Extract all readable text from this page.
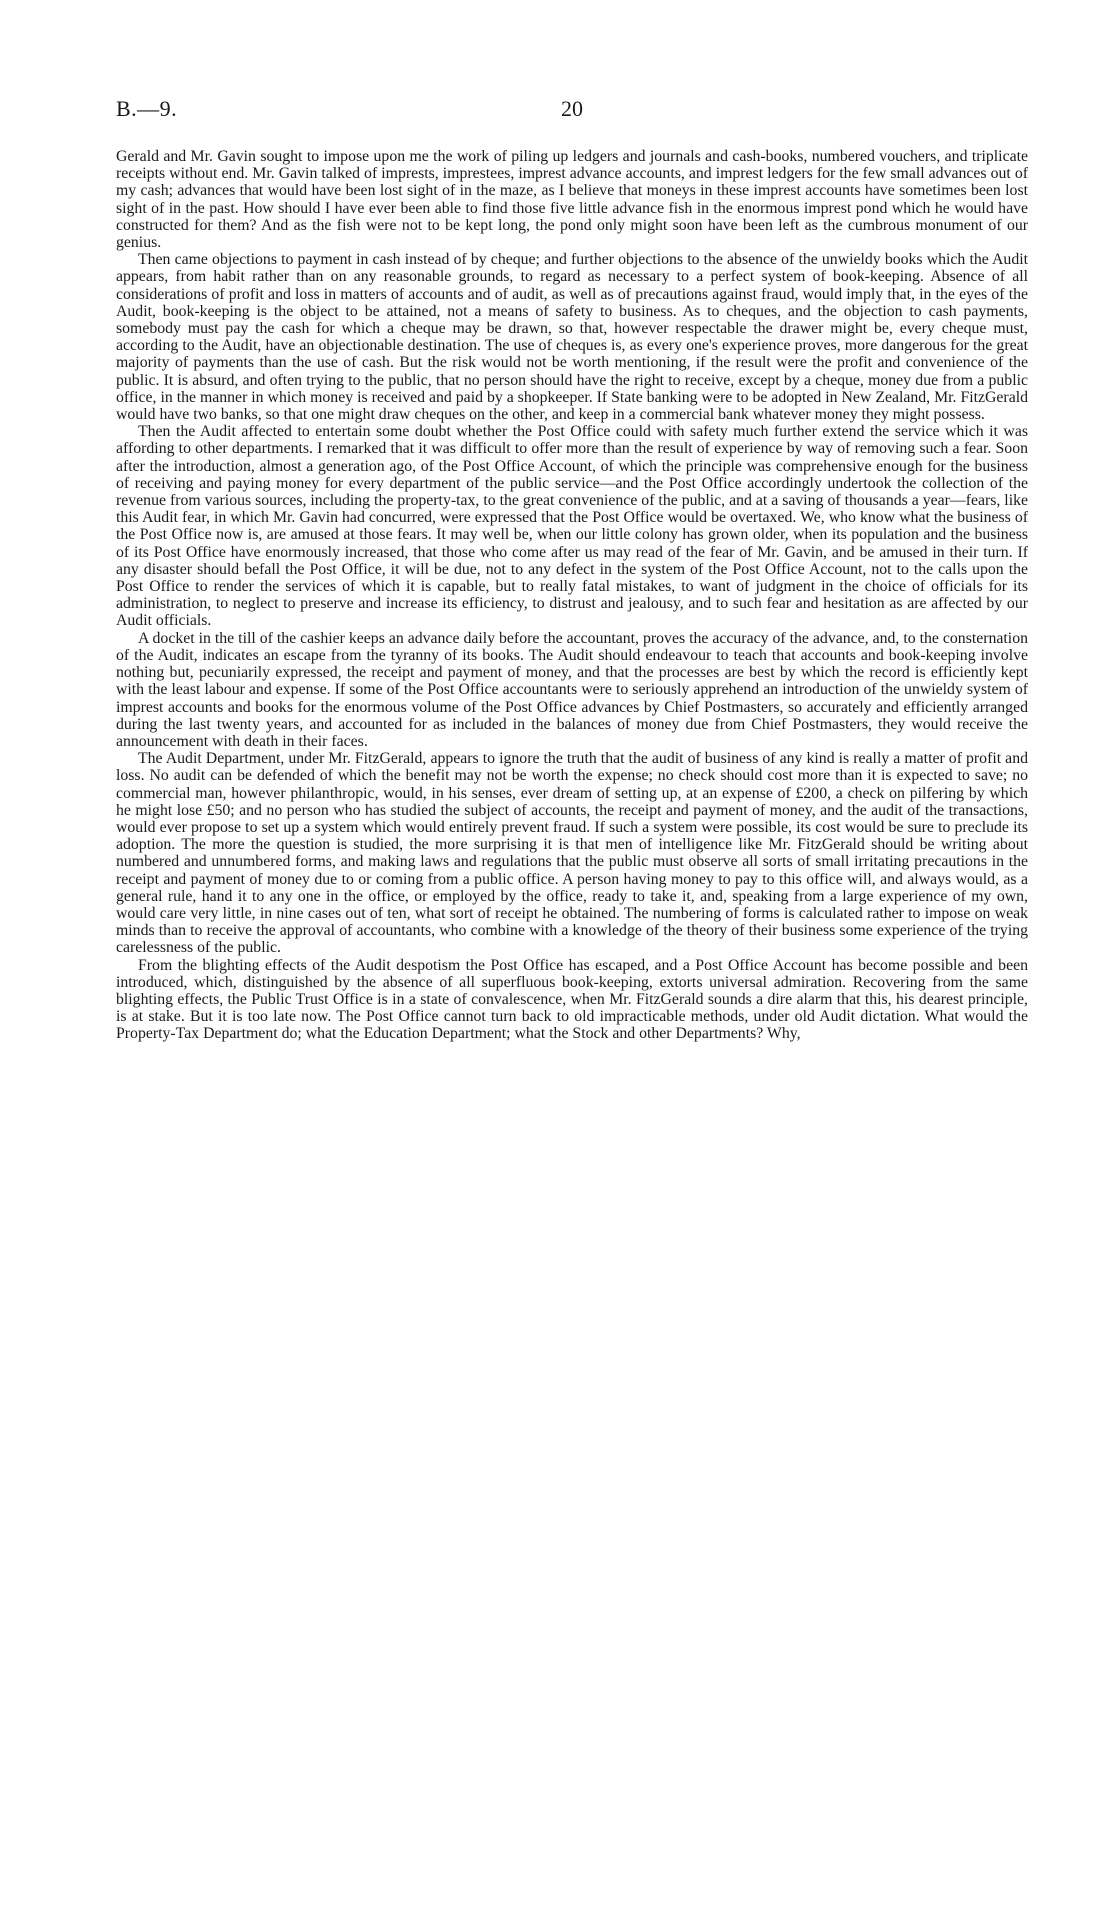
B.—9.	20

Gerald and Mr. Gavin sought to impose upon me the work of piling up ledgers and journals and cash-books, numbered vouchers, and triplicate receipts without end. Mr. Gavin talked of imprests, imprestees, imprest advance accounts, and imprest ledgers for the few small advances out of my cash; advances that would have been lost sight of in the maze, as I believe that moneys in these imprest accounts have sometimes been lost sight of in the past. How should I have ever been able to find those five little advance fish in the enormous imprest pond which he would have constructed for them? And as the fish were not to be kept long, the pond only might soon have been left as the cumbrous monument of our genius.

Then came objections to payment in cash instead of by cheque; and further objections to the absence of the unwieldy books which the Audit appears, from habit rather than on any reasonable grounds, to regard as necessary to a perfect system of book-keeping. Absence of all considerations of profit and loss in matters of accounts and of audit, as well as of precautions against fraud, would imply that, in the eyes of the Audit, book-keeping is the object to be attained, not a means of safety to business. As to cheques, and the objection to cash payments, somebody must pay the cash for which a cheque may be drawn, so that, however respectable the drawer might be, every cheque must, according to the Audit, have an objectionable destination. The use of cheques is, as every one's experience proves, more dangerous for the great majority of payments than the use of cash. But the risk would not be worth mentioning, if the result were the profit and convenience of the public. It is absurd, and often trying to the public, that no person should have the right to receive, except by a cheque, money due from a public office, in the manner in which money is received and paid by a shopkeeper. If State banking were to be adopted in New Zealand, Mr. FitzGerald would have two banks, so that one might draw cheques on the other, and keep in a commercial bank whatever money they might possess.

Then the Audit affected to entertain some doubt whether the Post Office could with safety much further extend the service which it was affording to other departments. I remarked that it was difficult to offer more than the result of experience by way of removing such a fear. Soon after the introduction, almost a generation ago, of the Post Office Account, of which the principle was comprehensive enough for the business of receiving and paying money for every department of the public service—and the Post Office accordingly undertook the collection of the revenue from various sources, including the property-tax, to the great convenience of the public, and at a saving of thousands a year—fears, like this Audit fear, in which Mr. Gavin had concurred, were expressed that the Post Office would be overtaxed. We, who know what the business of the Post Office now is, are amused at those fears. It may well be, when our little colony has grown older, when its population and the business of its Post Office have enormously increased, that those who come after us may read of the fear of Mr. Gavin, and be amused in their turn. If any disaster should befall the Post Office, it will be due, not to any defect in the system of the Post Office Account, not to the calls upon the Post Office to render the services of which it is capable, but to really fatal mistakes, to want of judgment in the choice of officials for its administration, to neglect to preserve and increase its efficiency, to distrust and jealousy, and to such fear and hesitation as are affected by our Audit officials.

A docket in the till of the cashier keeps an advance daily before the accountant, proves the accuracy of the advance, and, to the consternation of the Audit, indicates an escape from the tyranny of its books. The Audit should endeavour to teach that accounts and book-keeping involve nothing but, pecuniarily expressed, the receipt and payment of money, and that the processes are best by which the record is efficiently kept with the least labour and expense. If some of the Post Office accountants were to seriously apprehend an introduction of the unwieldy system of imprest accounts and books for the enormous volume of the Post Office advances by Chief Postmasters, so accurately and efficiently arranged during the last twenty years, and accounted for as included in the balances of money due from Chief Postmasters, they would receive the announcement with death in their faces.

The Audit Department, under Mr. FitzGerald, appears to ignore the truth that the audit of business of any kind is really a matter of profit and loss. No audit can be defended of which the benefit may not be worth the expense; no check should cost more than it is expected to save; no commercial man, however philanthropic, would, in his senses, ever dream of setting up, at an expense of £200, a check on pilfering by which he might lose £50; and no person who has studied the subject of accounts, the receipt and payment of money, and the audit of the transactions, would ever propose to set up a system which would entirely prevent fraud. If such a system were possible, its cost would be sure to preclude its adoption. The more the question is studied, the more surprising it is that men of intelligence like Mr. FitzGerald should be writing about numbered and unnumbered forms, and making laws and regulations that the public must observe all sorts of small irritating precautions in the receipt and payment of money due to or coming from a public office. A person having money to pay to this office will, and always would, as a general rule, hand it to any one in the office, or employed by the office, ready to take it, and, speaking from a large experience of my own, would care very little, in nine cases out of ten, what sort of receipt he obtained. The numbering of forms is calculated rather to impose on weak minds than to receive the approval of accountants, who combine with a knowledge of the theory of their business some experience of the trying carelessness of the public.

From the blighting effects of the Audit despotism the Post Office has escaped, and a Post Office Account has become possible and been introduced, which, distinguished by the absence of all superfluous book-keeping, extorts universal admiration. Recovering from the same blighting effects, the Public Trust Office is in a state of convalescence, when Mr. FitzGerald sounds a dire alarm that this, his dearest principle, is at stake. But it is too late now. The Post Office cannot turn back to old impracticable methods, under old Audit dictation. What would the Property-Tax Department do; what the Education Department; what the Stock and other Departments? Why,
